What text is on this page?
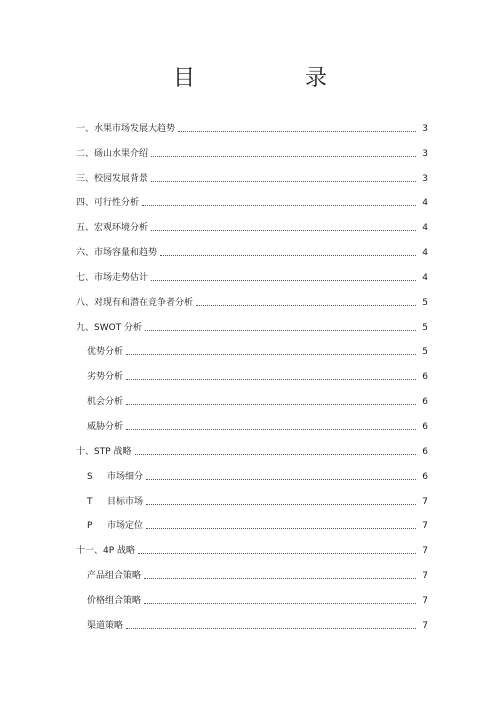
目　录
一、水果市场发展大趋势	3
二、砀山水果介绍	3
三、校园发展背景	3
四、可行性分析	4
五、宏观环境分析	4
六、市场容量和趋势	4
七、市场走势估计	4
八、对现有和潜在竞争者分析	5
九、SWOT 分析	5
优势分析	5
劣势分析	6
机会分析	6
威胁分析	6
十、STP 战略	6
S 市场细分	6
T 目标市场	7
P 市场定位	7
十一、4P 战略	7
产品组合策略	7
价格组合策略	7
渠道策略	7
